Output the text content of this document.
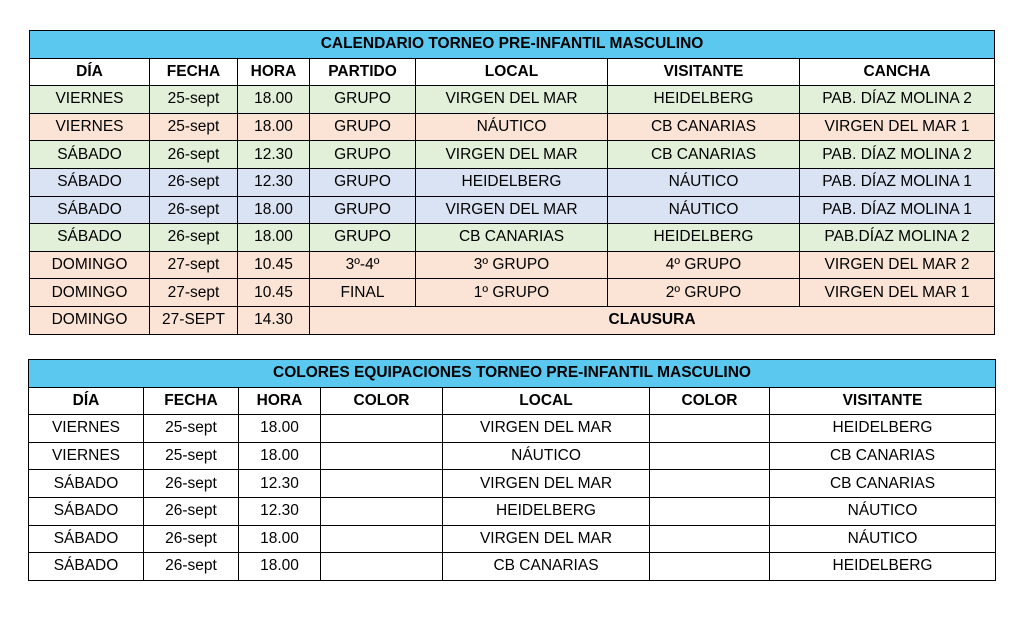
CALENDARIO TORNEO PRE-INFANTIL MASCULINO							
DÍA	FECHA	HORA	PARTIDO	LOCAL	VISITANTE	CANCHA	
VIERNES	25-sept	18.00	GRUPO	VIRGEN DEL MAR	HEIDELBERG	PAB. DÍAZ MOLINA 2	
VIERNES	25-sept	18.00	GRUPO	NÁUTICO	CB CANARIAS	VIRGEN DEL MAR 1	
SÁBADO	26-sept	12.30	GRUPO	VIRGEN DEL MAR	CB CANARIAS	PAB. DÍAZ MOLINA 2	
SÁBADO	26-sept	12.30	GRUPO	HEIDELBERG	NÁUTICO	PAB. DÍAZ MOLINA 1	
SÁBADO	26-sept	18.00	GRUPO	VIRGEN DEL MAR	NÁUTICO	PAB. DÍAZ MOLINA 1	
SÁBADO	26-sept	18.00	GRUPO	CB CANARIAS	HEIDELBERG	PAB.DÍAZ MOLINA 2	
DOMINGO	27-sept	10.45	3º-4º	3º GRUPO	4º GRUPO	VIRGEN DEL MAR 2	
DOMINGO	27-sept	10.45	FINAL	1º GRUPO	2º GRUPO	VIRGEN DEL MAR 1	
DOMINGO	27-SEPT	14.30	CLAUSURA	
COLORES EQUIPACIONES TORNEO PRE-INFANTIL MASCULINO						
DÍA	FECHA	HORA	COLOR	LOCAL	COLOR	VISITANTE
VIERNES	25-sept	18.00		VIRGEN DEL MAR		HEIDELBERG
VIERNES	25-sept	18.00		NÁUTICO		CB CANARIAS
SÁBADO	26-sept	12.30		VIRGEN DEL MAR		CB CANARIAS
SÁBADO	26-sept	12.30		HEIDELBERG		NÁUTICO
SÁBADO	26-sept	18.00		VIRGEN DEL MAR		NÁUTICO
SÁBADO	26-sept	18.00		CB CANARIAS		HEIDELBERG
